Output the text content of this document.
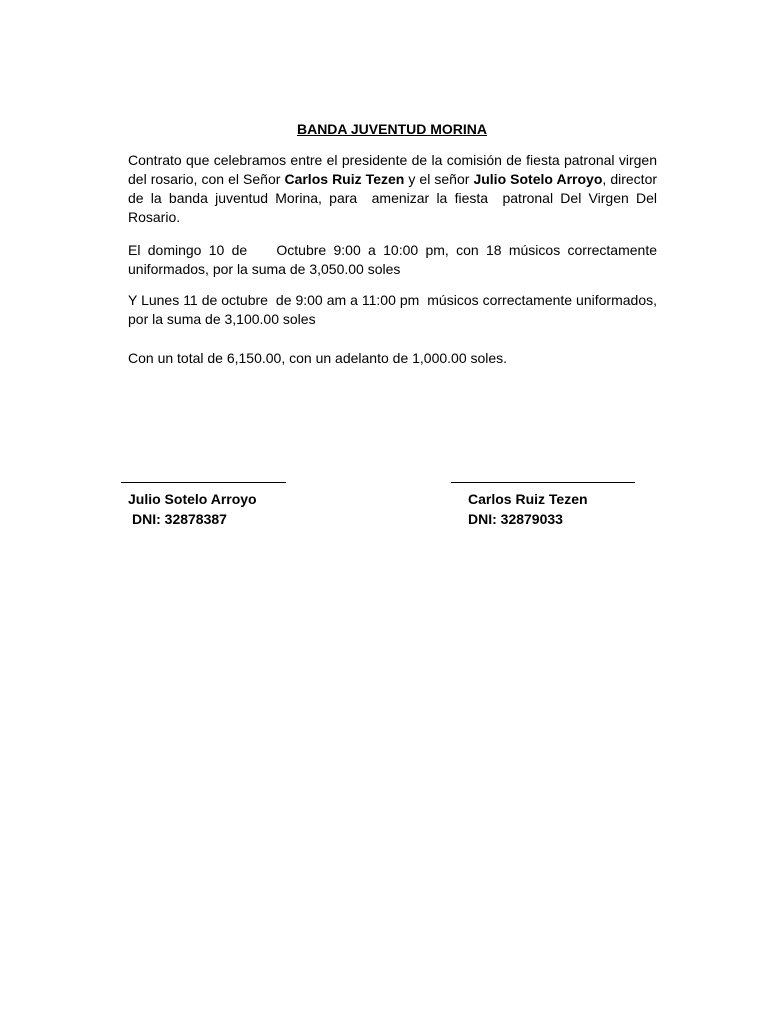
BANDA JUVENTUD MORINA
Contrato que celebramos entre el presidente de la comisión de fiesta patronal virgen del rosario, con el Señor Carlos Ruiz Tezen y el señor Julio Sotelo Arroyo, director de la banda juventud Morina, para  amenizar la fiesta  patronal Del Virgen Del Rosario.
El domingo 10 de    Octubre 9:00 a 10:00 pm, con 18 músicos correctamente uniformados, por la suma de 3,050.00 soles
Y Lunes 11 de octubre  de 9:00 am a 11:00 pm  músicos correctamente uniformados, por la suma de 3,100.00 soles
Con un total de 6,150.00, con un adelanto de 1,000.00 soles.
Julio Sotelo Arroyo
DNI: 32878387
Carlos Ruiz Tezen
DNI: 32879033
